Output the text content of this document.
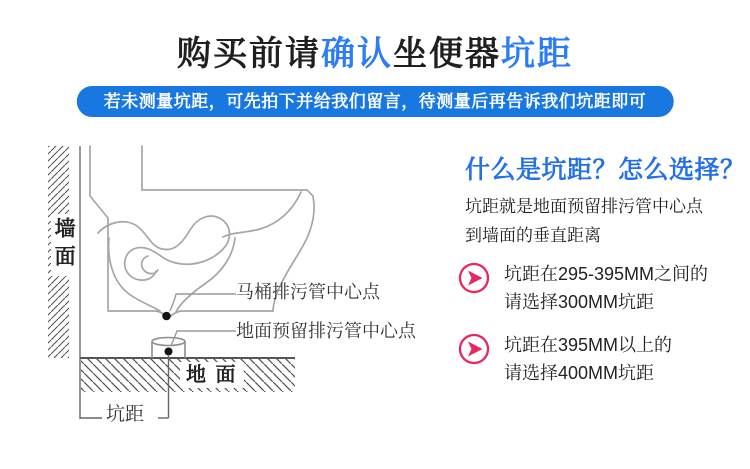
购买前请确认坐便器坑距
若未测量坑距，可先拍下并给我们留言，待测量后再告诉我们坑距即可
墙面
地 面
坑距
马桶排污管中心点
地面预留排污管中心点
什么是坑距？怎么选择？
坑距就是地面预留排污管中心点
到墙面的垂直距离
坑距在295-395MM之间的
请选择300MM坑距
坑距在395MM以上的
请选择400MM坑距
